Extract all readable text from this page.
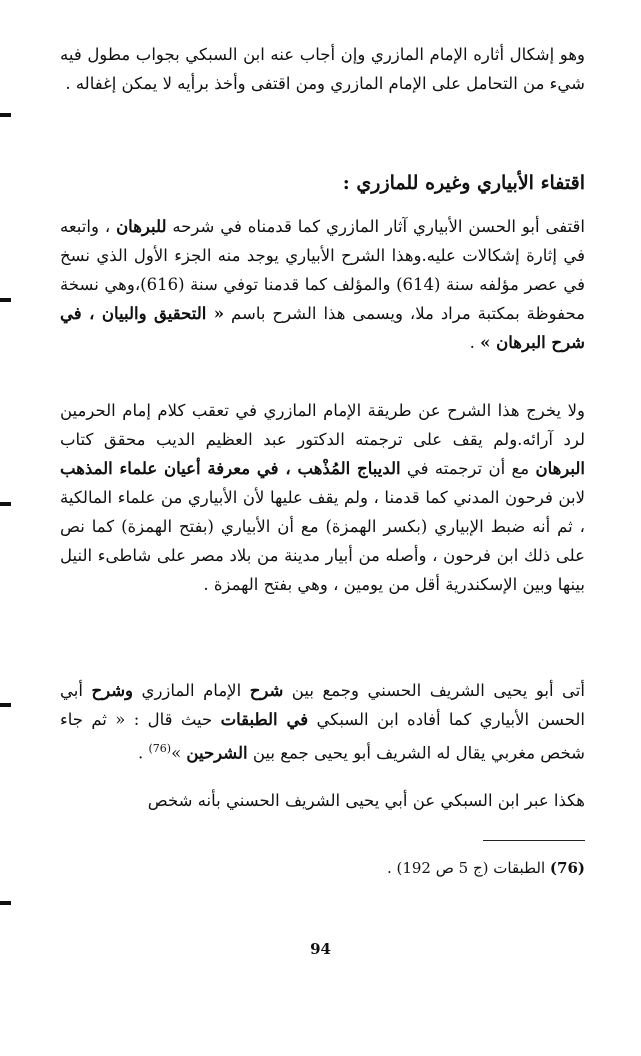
وهو إشكال أثاره الإمام المازري وإن أجاب عنه ابن السبكي بجواب مطول فيه شيء من التحامل على الإمام المازري ومن اقتفى وأخذ برأيه لا يمكن إغفاله .
اقتفاء الأبياري وغيره للمازري :
اقتفى أبو الحسن الأبياري آثار المازري كما قدمناه في شرحه للبرهان ، واتبعه في إثارة إشكالات عليه.وهذا الشرح الأبياري يوجد منه الجزء الأول الذي نسخ في عصر مؤلفه سنة (614) والمؤلف كما قدمنا توفي سنة (616)،وهي نسخة محفوظة بمكتبة مراد ملا، ويسمى هذا الشرح باسم « التحقيق والبيان ، في شرح البرهان » .
ولا يخرج هذا الشرح عن طريقة الإمام المازري في تعقب كلام إمام الحرمين لرد آرائه.ولم يقف على ترجمته الدكتور عبد العظيم الديب محقق كتاب البرهان مع أن ترجمته في الديباج المُذْهب ، في معرفة أعيان علماء المذهب لابن فرحون المدني كما قدمنا ، ولم يقف عليها لأن الأبياري من علماء المالكية ، ثم أنه ضبط الإبياري (بكسر الهمزة) مع أن الأبياري (بفتح الهمزة) كما نص على ذلك ابن فرحون ، وأصله من أبيار مدينة من بلاد مصر على شاطىء النيل بينها وبين الإسكندرية أقل من يومين ، وهي بفتح الهمزة .
أتى أبو يحيى الشريف الحسني وجمع بين شرح الإمام المازري وشرح أبي الحسن الأبياري كما أفاده ابن السبكي في الطبقات حيث قال : « ثم جاء شخص مغربي يقال له الشريف أبو يحيى جمع بين الشرحين »$^{(76)}$ .
هكذا عبر ابن السبكي عن أبي يحيى الشريف الحسني بأنه شخص
(76) الطبقات (ج 5 ص 192) .
94
